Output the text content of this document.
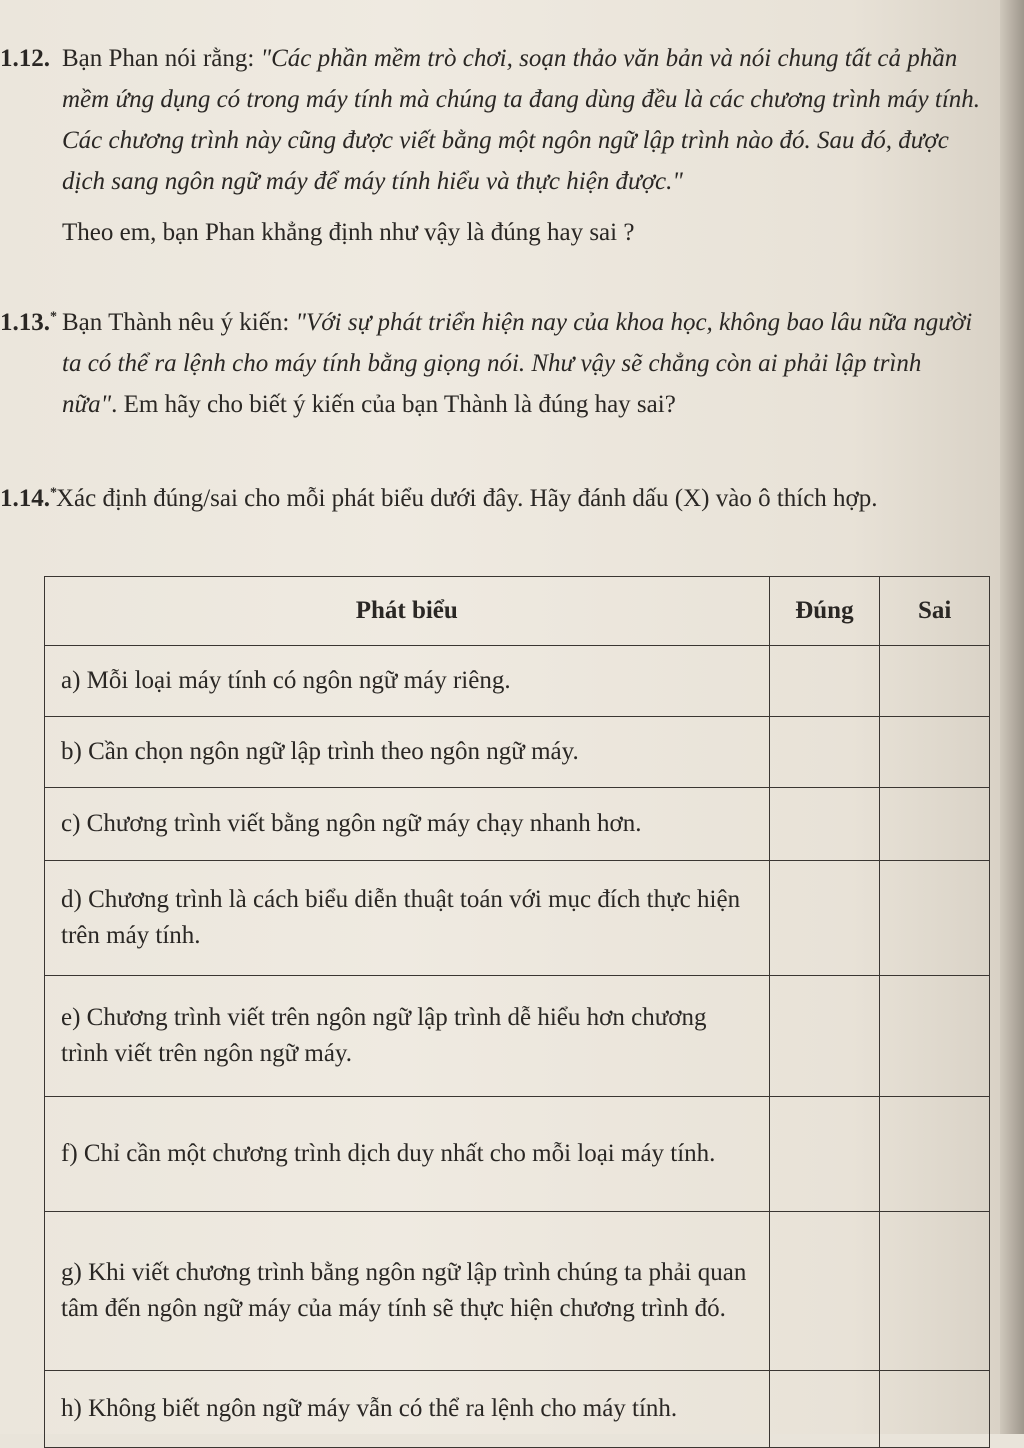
1.12. Bạn Phan nói rằng: "Các phần mềm trò chơi, soạn thảo văn bản và nói chung tất cả phần mềm ứng dụng có trong máy tính mà chúng ta đang dùng đều là các chương trình máy tính. Các chương trình này cũng được viết bằng một ngôn ngữ lập trình nào đó. Sau đó, được dịch sang ngôn ngữ máy để máy tính hiểu và thực hiện được."
Theo em, bạn Phan khẳng định như vậy là đúng hay sai ?
1.13.* Bạn Thành nêu ý kiến: "Với sự phát triển hiện nay của khoa học, không bao lâu nữa người ta có thể ra lệnh cho máy tính bằng giọng nói. Như vậy sẽ chẳng còn ai phải lập trình nữa". Em hãy cho biết ý kiến của bạn Thành là đúng hay sai?
1.14.* Xác định đúng/sai cho mỗi phát biểu dưới đây. Hãy đánh dấu (X) vào ô thích hợp.
Phát biểu	Đúng	Sai
a) Mỗi loại máy tính có ngôn ngữ máy riêng.		
b) Cần chọn ngôn ngữ lập trình theo ngôn ngữ máy.		
c) Chương trình viết bằng ngôn ngữ máy chạy nhanh hơn.		
d) Chương trình là cách biểu diễn thuật toán với mục đích thực hiện trên máy tính.		
e) Chương trình viết trên ngôn ngữ lập trình dễ hiểu hơn chương trình viết trên ngôn ngữ máy.		
f) Chỉ cần một chương trình dịch duy nhất cho mỗi loại máy tính.		
g) Khi viết chương trình bằng ngôn ngữ lập trình chúng ta phải quan tâm đến ngôn ngữ máy của máy tính sẽ thực hiện chương trình đó.		
h) Không biết ngôn ngữ máy vẫn có thể ra lệnh cho máy tính.		
